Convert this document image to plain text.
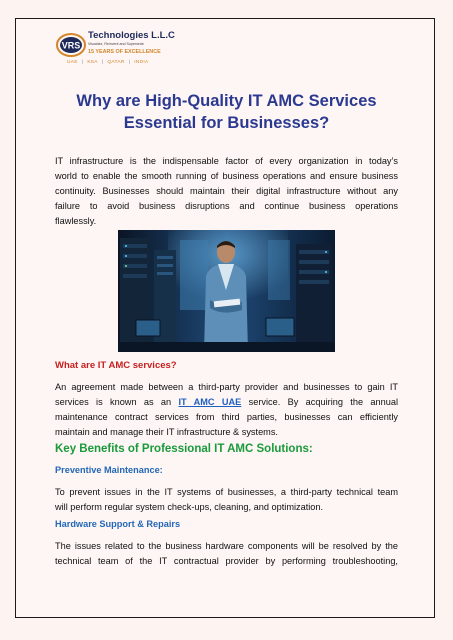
VRS
Technologies L.L.C
Visualize, Reinvent and Supersede
15 YEARS OF EXCELLENCE
UAE | KSA | QATAR | INDIA
Why are High-Quality IT AMC Services
Essential for Businesses?
IT infrastructure is the indispensable factor of every organization in today’s
world to enable the smooth running of business operations and ensure business
continuity. Businesses should maintain their digital infrastructure without any
failure to avoid business disruptions and continue business operations
flawlessly.
What are IT AMC services?
An agreement made between a third-party provider and businesses to gain IT
services is known as an IT AMC UAE service. By acquiring the annual
maintenance contract services from third parties, businesses can efficiently
maintain and manage their IT infrastructure & systems.
Key Benefits of Professional IT AMC Solutions:
Preventive Maintenance:
To prevent issues in the IT systems of businesses, a third-party technical team
will perform regular system check-ups, cleaning, and optimization.
Hardware Support & Repairs
The issues related to the business hardware components will be resolved by the
technical team of the IT contractual provider by performing troubleshooting,
